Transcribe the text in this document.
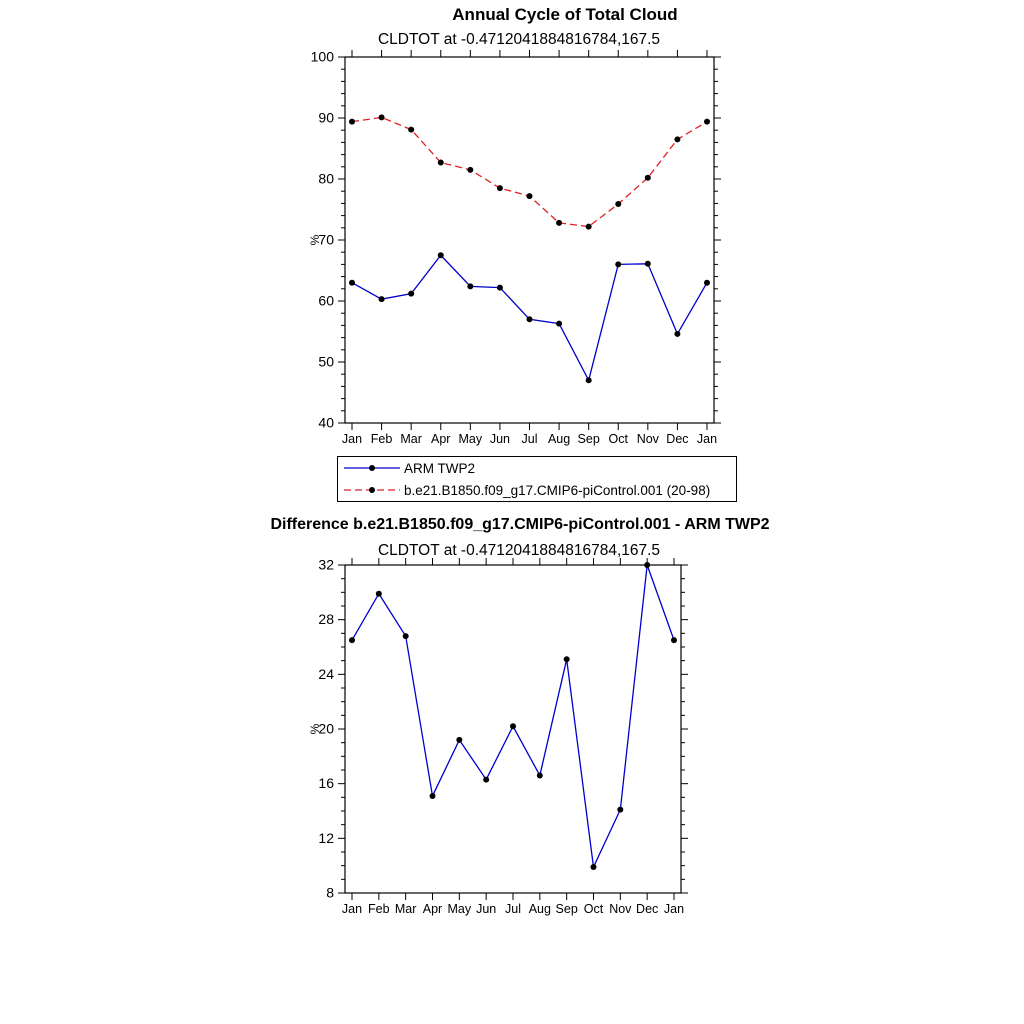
Annual Cycle of Total Cloud
CLDTOT at -0.4712041884816784,167.5
40
50
60
70
80
90
100
Jan Feb Mar Apr May Jun Jul Aug Sep Oct Nov Dec Jan
%
ARM TWP2
b.e21.B1850.f09_g17.CMIP6-piControl.001 (20-98)
Difference b.e21.B1850.f09_g17.CMIP6-piControl.001 - ARM TWP2
CLDTOT at -0.4712041884816784,167.5
8
12
16
20
24
28
32
Jan Feb Mar Apr May Jun Jul Aug Sep Oct Nov Dec Jan
%
